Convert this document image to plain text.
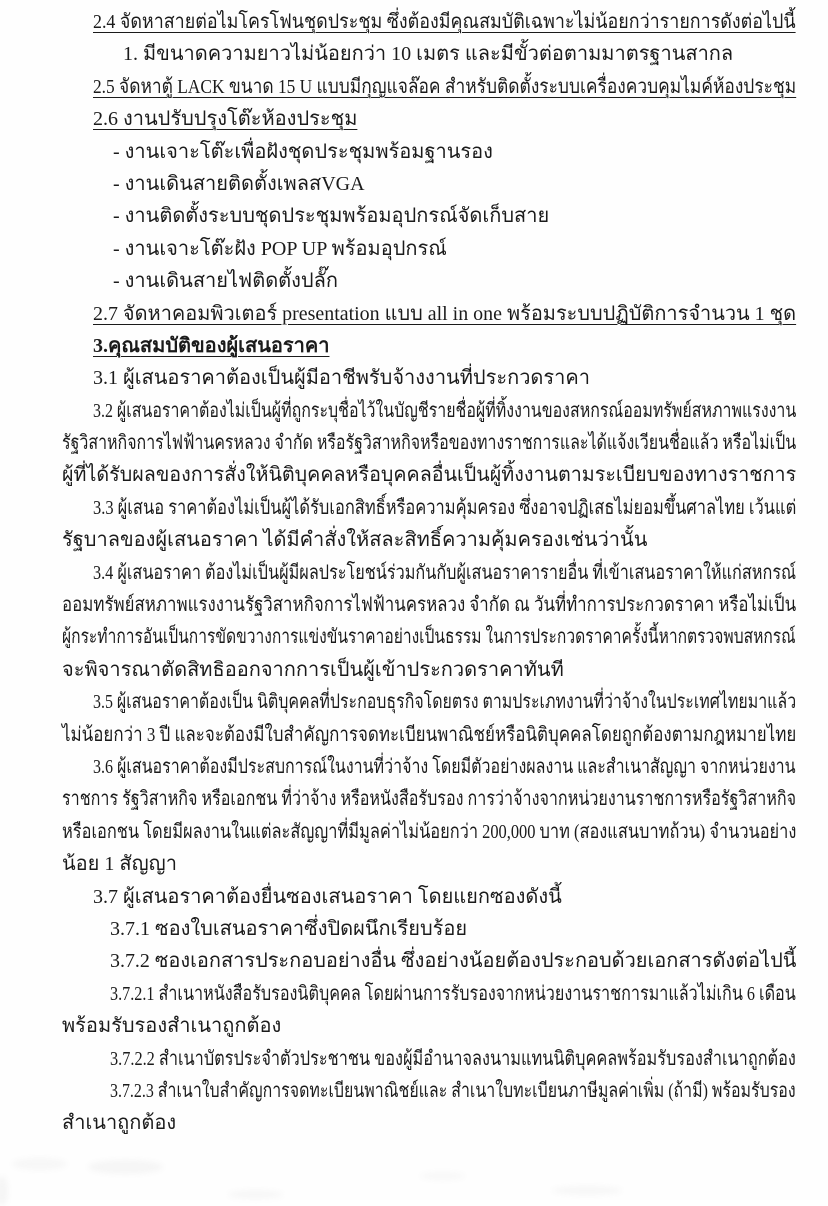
2.4 จัดหาสายต่อไมโครโฟนชุดประชุม ซึ่งต้องมีคุณสมบัติเฉพาะไม่น้อยกว่ารายการดังต่อไปนี้
1. มีขนาดความยาวไม่น้อยกว่า 10 เมตร และมีขั้วต่อตามมาตรฐานสากล
2.5 จัดหาตู้ LACK ขนาด 15 U แบบมีกุญแจล๊อค สำหรับติดตั้งระบบเครื่องควบคุมไมค์ห้องประชุม
2.6 งานปรับปรุงโต๊ะห้องประชุม
- งานเจาะโต๊ะเพื่อฝังชุดประชุมพร้อมฐานรอง
- งานเดินสายติดตั้งเพลสVGA
- งานติดตั้งระบบชุดประชุมพร้อมอุปกรณ์จัดเก็บสาย
- งานเจาะโต๊ะฝัง POP UP พร้อมอุปกรณ์
- งานเดินสายไฟติดตั้งปลั๊ก
2.7 จัดหาคอมพิวเตอร์ presentation แบบ all in one พร้อมระบบปฏิบัติการจำนวน 1 ชุด
3.คุณสมบัติของผู้เสนอราคา
3.1 ผู้เสนอราคาต้องเป็นผู้มีอาชีพรับจ้างงานที่ประกวดราคา
3.2 ผู้เสนอราคาต้องไม่เป็นผู้ที่ถูกระบุชื่อไว้ในบัญชีรายชื่อผู้ที่ทิ้งงานของสหกรณ์ออมทรัพย์สหภาพแรงงาน
รัฐวิสาหกิจการไฟฟ้านครหลวง จำกัด หรือรัฐวิสาหกิจหรือของทางราชการและได้แจ้งเวียนชื่อแล้ว หรือไม่เป็น
ผู้ที่ได้รับผลของการสั่งให้นิติบุคคลหรือบุคคลอื่นเป็นผู้ทิ้งงานตามระเบียบของทางราชการ
3.3 ผู้เสนอ ราคาต้องไม่เป็นผู้ได้รับเอกสิทธิ์หรือความคุ้มครอง ซึ่งอาจปฏิเสธไม่ยอมขึ้นศาลไทย เว้นแต่
รัฐบาลของผู้เสนอราคา ได้มีคำสั่งให้สละสิทธิ์ความคุ้มครองเช่นว่านั้น
3.4 ผู้เสนอราคา ต้องไม่เป็นผู้มีผลประโยชน์ร่วมกันกับผู้เสนอราคารายอื่น ที่เข้าเสนอราคาให้แก่สหกรณ์
ออมทรัพย์สหภาพแรงงานรัฐวิสาหกิจการไฟฟ้านครหลวง จำกัด ณ วันที่ทำการประกวดราคา หรือไม่เป็น
ผู้กระทำการอันเป็นการขัดขวางการแข่งขันราคาอย่างเป็นธรรม ในการประกวดราคาครั้งนี้หากตรวจพบสหกรณ์
จะพิจารณาตัดสิทธิออกจากการเป็นผู้เข้าประกวดราคาทันที
3.5 ผู้เสนอราคาต้องเป็น นิติบุคคลที่ประกอบธุรกิจโดยตรง ตามประเภทงานที่ว่าจ้างในประเทศไทยมาแล้ว
ไม่น้อยกว่า 3 ปี และจะต้องมีใบสำคัญการจดทะเบียนพาณิชย์หรือนิติบุคคลโดยถูกต้องตามกฎหมายไทย
3.6 ผู้เสนอราคาต้องมีประสบการณ์ในงานที่ว่าจ้าง โดยมีตัวอย่างผลงาน และสำเนาสัญญา จากหน่วยงาน
ราชการ รัฐวิสาหกิจ หรือเอกชน ที่ว่าจ้าง หรือหนังสือรับรอง การว่าจ้างจากหน่วยงานราชการหรือรัฐวิสาหกิจ
หรือเอกชน โดยมีผลงานในแต่ละสัญญาที่มีมูลค่าไม่น้อยกว่า 200,000 บาท (สองแสนบาทถ้วน) จำนวนอย่าง
น้อย 1 สัญญา
3.7 ผู้เสนอราคาต้องยื่นซองเสนอราคา โดยแยกซองดังนี้
3.7.1 ซองใบเสนอราคาซึ่งปิดผนึกเรียบร้อย
3.7.2 ซองเอกสารประกอบอย่างอื่น ซึ่งอย่างน้อยต้องประกอบด้วยเอกสารดังต่อไปนี้
3.7.2.1 สำเนาหนังสือรับรองนิติบุคคล โดยผ่านการรับรองจากหน่วยงานราชการมาแล้วไม่เกิน 6 เดือน
พร้อมรับรองสำเนาถูกต้อง
3.7.2.2 สำเนาบัตรประจำตัวประชาชน ของผู้มีอำนาจลงนามแทนนิติบุคคลพร้อมรับรองสำเนาถูกต้อง
3.7.2.3 สำเนาใบสำคัญการจดทะเบียนพาณิชย์และ สำเนาใบทะเบียนภาษีมูลค่าเพิ่ม (ถ้ามี) พร้อมรับรอง
สำเนาถูกต้อง
